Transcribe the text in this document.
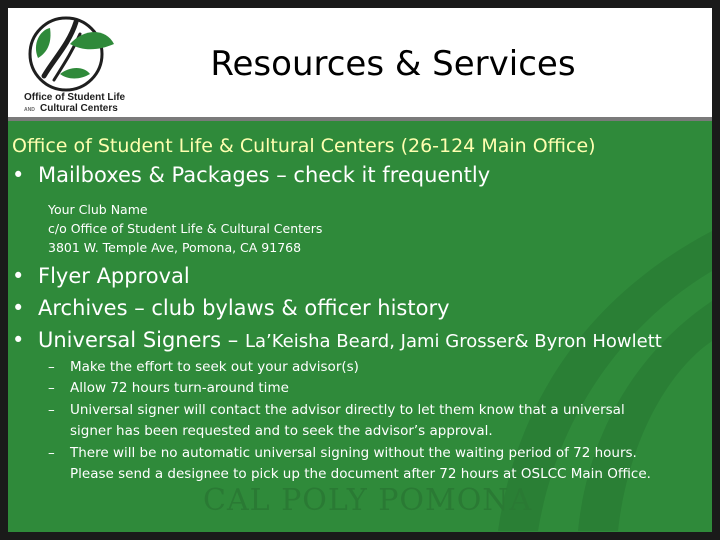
Office of Student Life
AND Cultural Centers
Resources & Services
CAL POLY POMONA
Office of Student Life & Cultural Centers (26-124 Main Office)
• Mailboxes & Packages – check it frequently
Your Club Name
c/o Office of Student Life & Cultural Centers
3801 W. Temple Ave, Pomona, CA 91768
• Flyer Approval
• Archives – club bylaws & officer history
• Universal Signers – La’Keisha Beard, Jami Grosser& Byron Howlett
– Make the effort to seek out your advisor(s)
– Allow 72 hours turn-around time
– Universal signer will contact the advisor directly to let them know that a universal
signer has been requested and to seek the advisor’s approval.
– There will be no automatic universal signing without the waiting period of 72 hours.
Please send a designee to pick up the document after 72 hours at OSLCC Main Office.
